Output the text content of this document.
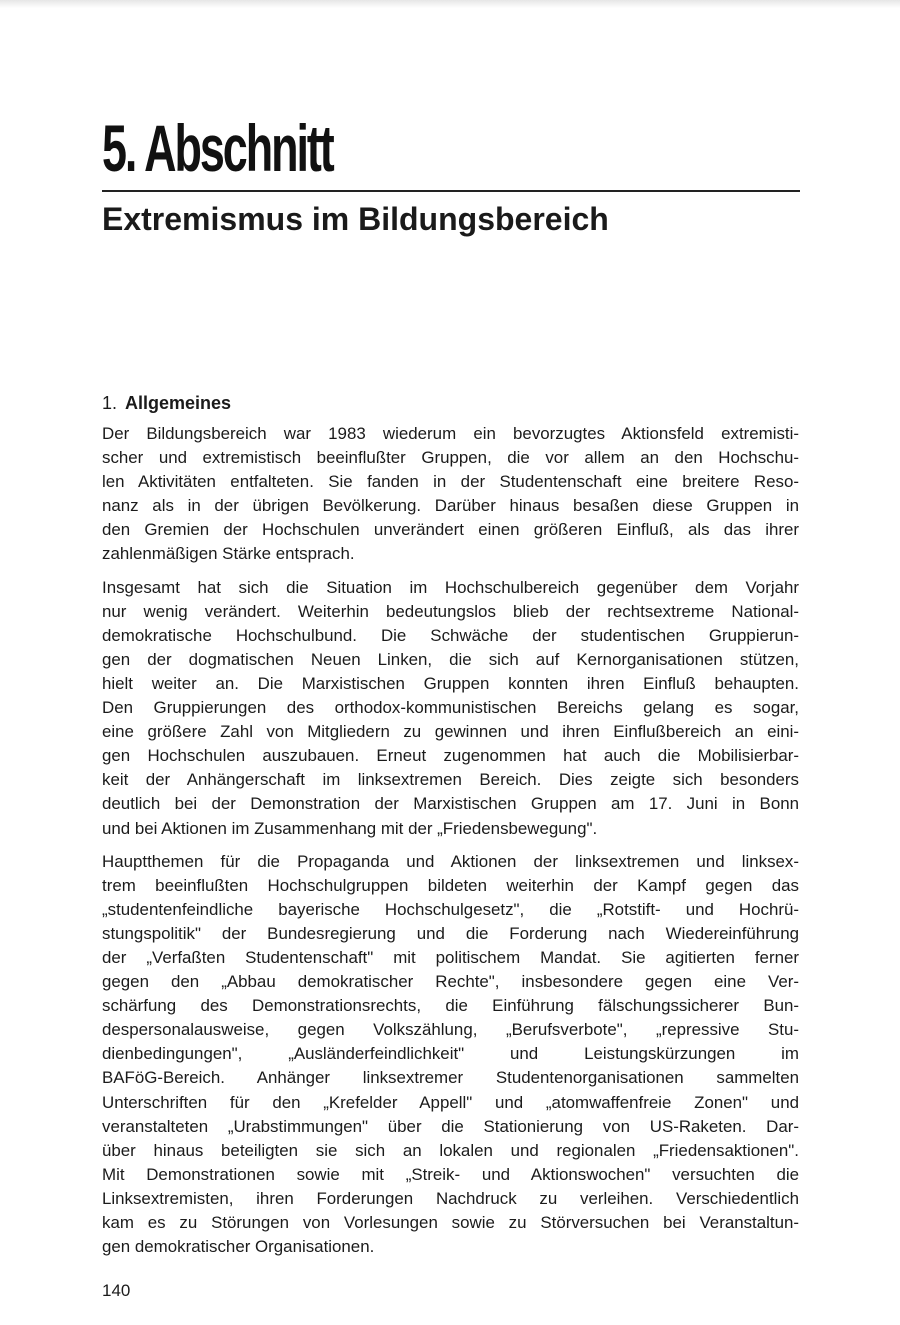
5. Abschnitt
Extremismus im Bildungsbereich
1. Allgemeines

Der Bildungsbereich war 1983 wiederum ein bevorzugtes Aktionsfeld extremisti-
scher und extremistisch beeinflußter Gruppen, die vor allem an den Hochschu-
len Aktivitäten entfalteten. Sie fanden in der Studentenschaft eine breitere Reso-
nanz als in der übrigen Bevölkerung. Darüber hinaus besaßen diese Gruppen in
den Gremien der Hochschulen unverändert einen größeren Einfluß, als das ihrer
zahlenmäßigen Stärke entsprach.

Insgesamt hat sich die Situation im Hochschulbereich gegenüber dem Vorjahr
nur wenig verändert. Weiterhin bedeutungslos blieb der rechtsextreme National-
demokratische Hochschulbund. Die Schwäche der studentischen Gruppierun-
gen der dogmatischen Neuen Linken, die sich auf Kernorganisationen stützen,
hielt weiter an. Die Marxistischen Gruppen konnten ihren Einfluß behaupten.
Den Gruppierungen des orthodox-kommunistischen Bereichs gelang es sogar,
eine größere Zahl von Mitgliedern zu gewinnen und ihren Einflußbereich an eini-
gen Hochschulen auszubauen. Erneut zugenommen hat auch die Mobilisierbar-
keit der Anhängerschaft im linksextremen Bereich. Dies zeigte sich besonders
deutlich bei der Demonstration der Marxistischen Gruppen am 17. Juni in Bonn
und bei Aktionen im Zusammenhang mit der „Friedensbewegung".

Hauptthemen für die Propaganda und Aktionen der linksextremen und linksex-
trem beeinflußten Hochschulgruppen bildeten weiterhin der Kampf gegen das
„studentenfeindliche bayerische Hochschulgesetz", die „Rotstift- und Hochrü-
stungspolitik" der Bundesregierung und die Forderung nach Wiedereinführung
der „Verfaßten Studentenschaft" mit politischem Mandat. Sie agitierten ferner
gegen den „Abbau demokratischer Rechte", insbesondere gegen eine Ver-
schärfung des Demonstrationsrechts, die Einführung fälschungssicherer Bun-
despersonalausweise, gegen Volkszählung, „Berufsverbote", „repressive Stu-
dienbedingungen", „Ausländerfeindlichkeit" und Leistungskürzungen im
BAFöG-Bereich. Anhänger linksextremer Studentenorganisationen sammelten
Unterschriften für den „Krefelder Appell" und „atomwaffenfreie Zonen" und
veranstalteten „Urabstimmungen" über die Stationierung von US-Raketen. Dar-
über hinaus beteiligten sie sich an lokalen und regionalen „Friedensaktionen".
Mit Demonstrationen sowie mit „Streik- und Aktionswochen" versuchten die
Linksextremisten, ihren Forderungen Nachdruck zu verleihen. Verschiedentlich
kam es zu Störungen von Vorlesungen sowie zu Störversuchen bei Veranstaltun-
gen demokratischer Organisationen.

140
